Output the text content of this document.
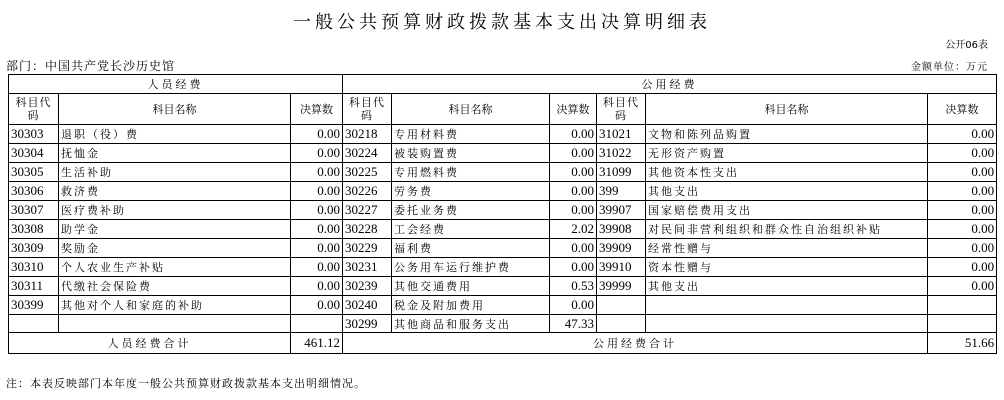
一般公共预算财政拨款基本支出决算明细表
公开06表
部门：中国共产党长沙历史馆	金额单位：万元
人员经费			公用经费					
科目代码	科目名称	决算数	科目代码	科目名称	决算数	科目代码	科目名称	决算数
30303	退职（役）费	0.00	30218	专用材料费	0.00	31021	文物和陈列品购置	0.00
30304	抚恤金	0.00	30224	被装购置费	0.00	31022	无形资产购置	0.00
30305	生活补助	0.00	30225	专用燃料费	0.00	31099	其他资本性支出	0.00
30306	救济费	0.00	30226	劳务费	0.00	399	其他支出	0.00
30307	医疗费补助	0.00	30227	委托业务费	0.00	39907	国家赔偿费用支出	0.00
30308	助学金	0.00	30228	工会经费	2.02	39908	对民间非营利组织和群众性自治组织补贴	0.00
30309	奖励金	0.00	30229	福利费	0.00	39909	经常性赠与	0.00
30310	个人农业生产补贴	0.00	30231	公务用车运行维护费	0.00	39910	资本性赠与	0.00
30311	代缴社会保险费	0.00	30239	其他交通费用	0.53	39999	其他支出	0.00
30399	其他对个人和家庭的补助	0.00	30240	税金及附加费用	0.00			
			30299	其他商品和服务支出	47.33			
人员经费合计		461.12	公用经费合计					51.66
注：本表反映部门本年度一般公共预算财政拨款基本支出明细情况。
